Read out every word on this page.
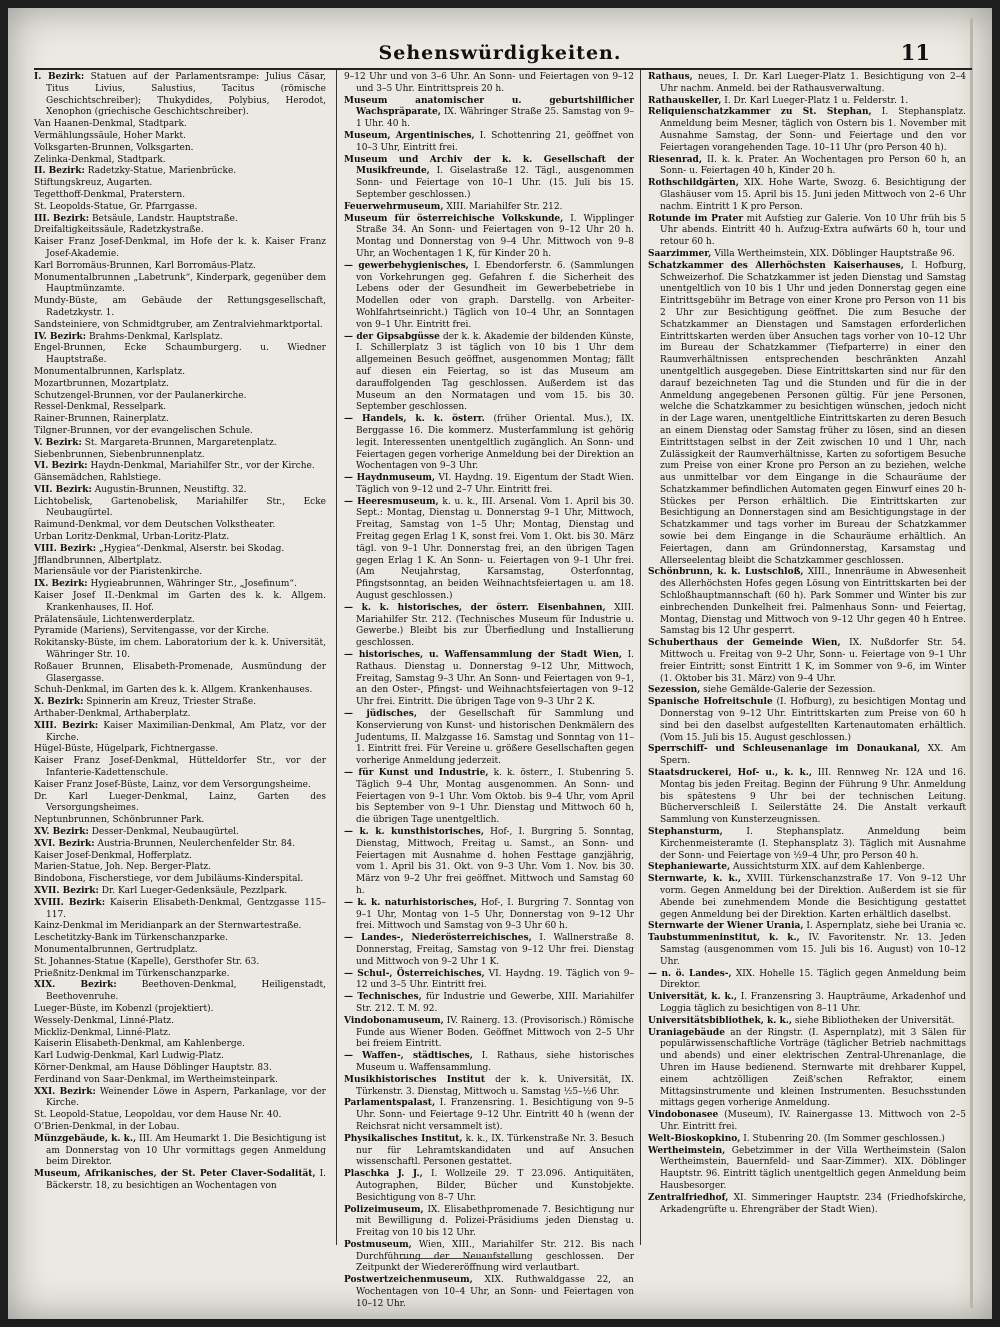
Sehenswürdigkeiten.	11

I. Bezirk: Statuen auf der Parlamentsrampe: Julius Cäsar, Titus Livius, Salustius, Tacitus (römische Geschichtschreiber); Thukydides, Polybius, Herodot, Xenophon (griechische Geschichtschreiber).

Van Haanen-Denkmal, Stadtpark.

Vermählungssäule, Hoher Markt.

Volksgarten-Brunnen, Volksgarten.

Zelinka-Denkmal, Stadtpark.

II. Bezirk: Radetzky-Statue, Marienbrücke.

Stiftungskreuz, Augarten.

Tegetthoff-Denkmal, Praterstern.

St. Leopolds-Statue, Gr. Pfarrgasse.

III. Bezirk: Betsäule, Landstr. Hauptstraße.

Dreifaltigkeitssäule, Radetzkystraße.

Kaiser Franz Josef-Denkmal, im Hofe der k. k. Kaiser Franz Josef-Akademie.

Karl Borromäus-Brunnen, Karl Borromäus-Platz.

Monumentalbrunnen „Labetrunk“, Kinderpark, gegenüber dem Hauptmünzamte.

Mundy-Büste, am Gebäude der Rettungsgesellschaft, Radetzkystr. 1.

Sandsteiniere, von Schmidtgruber, am Zentralviehmarktportal.

IV. Bezirk: Brahms-Denkmal, Karlsplatz.

Engel-Brunnen, Ecke Schaumburgerg. u. Wiedner Hauptstraße.

Monumentalbrunnen, Karlsplatz.

Mozartbrunnen, Mozartplatz.

Schutzengel-Brunnen, vor der Paulanerkirche.

Ressel-Denkmal, Resselpark.

Rainer-Brunnen, Rainerplatz.

Tilgner-Brunnen, vor der evangelischen Schule.

V. Bezirk: St. Margareta-Brunnen, Margaretenplatz.

Siebenbrunnen, Siebenbrunnenplatz.

VI. Bezirk: Haydn-Denkmal, Mariahilfer Str., vor der Kirche.

Gänsemädchen, Rahlstiege.

VII. Bezirk: Augustin-Brunnen, Neustiftg. 32.

Lichtobelisk, Gartenobelisk, Mariahilfer Str., Ecke Neubaugürtel.

Raimund-Denkmal, vor dem Deutschen Volkstheater.

Urban Loritz-Denkmal, Urban-Loritz-Platz.

VIII. Bezirk: „Hygiea“-Denkmal, Alserstr. bei Skodag.

Jfflandbrunnen, Albertplatz.

Mariensäule vor der Piaristenkirche.

IX. Bezirk: Hygieabrunnen, Währinger Str., „Josefinum“.

Kaiser Josef II.-Denkmal im Garten des k. k. Allgem. Krankenhauses, II. Hof.

Prälatensäule, Lichtenwerderplatz.

Pyramide (Mariens), Servitengasse, vor der Kirche.

Rokitansky-Büste, im chem. Laboratorium der k. k. Universität, Währinger Str. 10.

Roßauer Brunnen, Elisabeth-Promenade, Ausmündung der Glasergasse.

Schuh-Denkmal, im Garten des k. k. Allgem. Krankenhauses.

X. Bezirk: Spinnerin am Kreuz, Triester Straße.

Arthaber-Denkmal, Arthaberplatz.

XIII. Bezirk: Kaiser Maximilian-Denkmal, Am Platz, vor der Kirche.

Hügel-Büste, Hügelpark, Fichtnergasse.

Kaiser Franz Josef-Denkmal, Hütteldorfer Str., vor der Infanterie-Kadettenschule.

Kaiser Franz Josef-Büste, Lainz, vor dem Versorgungsheime.

Dr. Karl Lueger-Denkmal, Lainz, Garten des Versorgungsheimes.

Neptunbrunnen, Schönbrunner Park.

XV. Bezirk: Desser-Denkmal, Neubaugürtel.

XVI. Bezirk: Austria-Brunnen, Neulerchenfelder Str. 84.

Kaiser Josef-Denkmal, Hofferplatz.

Marien-Statue, Joh. Nep. Berger-Platz.

Bindobona, Fischerstiege, vor dem Jubiläums-Kinderspital.

XVII. Bezirk: Dr. Karl Lueger-Gedenksäule, Pezzlpark.

XVIII. Bezirk: Kaiserin Elisabeth-Denkmal, Gentzgasse 115–117.

Kainz-Denkmal im Meridianpark an der Sternwartestraße.

Leschetitzky-Bank im Türkenschanzparke.

Monumentalbrunnen, Gertrudplatz.

St. Johannes-Statue (Kapelle), Gersthofer Str. 63.

Prießnitz-Denkmal im Türkenschanzparke.

XIX. Bezirk:	Beethoven-Denkmal, Heiligenstadt, Beethovenruhe.

Lueger-Büste, im Kobenzl (projektiert).

Wessely-Denkmal, Linné-Platz.

Mickliz-Denkmal, Linné-Platz.

Kaiserin Elisabeth-Denkmal, am Kahlenberge.

Karl Ludwig-Denkmal, Karl Ludwig-Platz.

Körner-Denkmal, am Hause Döblinger Hauptstr. 83.

Ferdinand von Saar-Denkmal, im Wertheimsteinpark.

XXI. Bezirk: Weinender Löwe in Aspern, Parkanlage, vor der Kirche.

St. Leopold-Statue, Leopoldau, vor dem Hause Nr. 40.

O’Brien-Denkmal, in der Lobau.

Münzgebäude, k. k., III. Am Heumarkt 1. Die Besichtigung ist am Donnerstag von 10 Uhr vormittags gegen Anmeldung beim Direktor.

Museum, Afrikanisches, der St. Peter Claver-Sodalität, I. Bäckerstr. 18, zu besichtigen an Wochentagen von

9–12 Uhr und von 3–6 Uhr. An Sonn- und Feiertagen von 9–12 und 3–5 Uhr. Eintrittspreis 20 h.

Museum anatomischer u. geburtshilflicher Wachspräparate, IX. Währinger Straße 25. Samstag von 9–1 Uhr. 40 h.

Museum, Argentinisches, I. Schottenring 21, geöffnet von 10–3 Uhr, Eintritt frei.

Museum und Archiv der k. k. Gesellschaft der Musikfreunde, I. Giselastraße 12. Tägl., ausgenommen Sonn- und Feiertage von 10–1 Uhr. (15. Juli bis 15. September geschlossen.)

Feuerwehrmuseum, XIII. Mariahilfer Str. 212.

Museum für österreichische Volkskunde, I. Wipplinger Straße 34. An Sonn- und Feiertagen von 9–12 Uhr 20 h. Montag und Donnerstag von 9–4 Uhr. Mittwoch von 9–8 Uhr, an Wochentagen 1 K, für Kinder 20 h.

— gewerbehygienisches, I. Ebendorferstr. 6. (Sammlungen von Vorkehrungen geg. Gefahren f. die Sicherheit des Lebens oder der Gesundheit im Gewerbebetriebe in Modellen oder von graph. Darstellg. von Arbeiter-Wohlfahrtseinricht.) Täglich von 10–4 Uhr, an Sonntagen von 9–1 Uhr. Eintritt frei.

— der Gipsabgüsse der k. k. Akademie der bildenden Künste, I. Schillerplatz 3 ist täglich von 10 bis 1 Uhr dem allgemeinen Besuch geöffnet, ausgenommen Montag; fällt auf diesen ein Feiertag, so ist das Museum am darauffolgenden Tag geschlossen. Außerdem ist das Museum an den Normatagen und vom 15. bis 30. September geschlossen.

— Handels, k. k. österr. (früher Oriental. Mus.), IX. Berggasse 16. Die kommerz. Musterfammlung ist gehörig legit. Interessenten unentgeltlich zugänglich. An Sonn- und Feiertagen gegen vorherige Anmeldung bei der Direktion an Wochentagen von 9–3 Uhr.

— Haydnmuseum, VI. Haydng. 19. Eigentum der Stadt Wien. Täglich von 9–12 und 2–7 Uhr. Eintritt frei.

— Heeresmuseum, k. u. k., III. Arsenal. Vom 1. April bis 30. Sept.: Montag, Dienstag u. Donnerstag 9–1 Uhr, Mittwoch, Freitag, Samstag von 1–5 Uhr; Montag, Dienstag und Freitag gegen Erlag 1 K, sonst frei. Vom 1. Okt. bis 30. März tägl. von 9–1 Uhr. Donnerstag frei, an den übrigen Tagen gegen Erlag 1 K. An Sonn- u. Feiertagen von 9–1 Uhr frei. (Am Neujahrstag, Karsamstag, Osterfonntag, Pfingstsonntag, an beiden Weihnachtsfeiertagen u. am 18. August geschlossen.)

— k. k. historisches, der österr. Eisenbahnen, XIII. Mariahilfer Str. 212. (Technisches Museum für Industrie u. Gewerbe.) Bleibt bis zur Überfiedlung und Installierung geschlossen.

— historisches, u. Waffensammlung der Stadt Wien, I. Rathaus. Dienstag u. Donnerstag 9–12 Uhr, Mittwoch, Freitag, Samstag 9–3 Uhr. An Sonn- und Feiertagen von 9–1, an den Oster-, Pfingst- und Weihnachtsfeiertagen von 9–12 Uhr frei. Eintritt. Die übrigen Tage von 9–3 Uhr 2 K.

— jüdisches, der Gesellschaft für Sammlung und Konservierung von Kunst- und historischen Denkmälern des Judentums, II. Malzgasse 16. Samstag und Sonntag von 11–1. Eintritt frei. Für Vereine u. größere Gesellschaften gegen vorherige Anmeldung jederzeit.

— für Kunst und Industrie, k. k. österr., I. Stubenring 5. Täglich 9–4 Uhr, Montag ausgenommen. An Sonn- und Feiertagen von 9–1 Uhr. Vom Oktob. bis 9–4 Uhr, vom April bis September von 9–1 Uhr. Dienstag und Mittwoch 60 h, die übrigen Tage unentgeltlich.

— k. k. kunsthistorisches, Hof-, I. Burgring 5. Sonntag, Dienstag, Mittwoch, Freitag u. Samst., an Sonn- und Feiertagen mit Ausnahme d. hohen Festtage ganzjährig, vom 1. April bis 31. Okt. von 9–3 Uhr. Vom 1. Nov. bis 30. März von 9–2 Uhr frei geöffnet. Mittwoch und Samstag 60 h.

— k. k. naturhistorisches, Hof-, I. Burgring 7. Sonntag von 9–1 Uhr, Montag von 1–5 Uhr, Donnerstag von 9–12 Uhr frei. Mittwoch und Samstag von 9–3 Uhr 60 h.

— Landes-, Niederösterreichisches, I. Wallnerstraße 8. Donnerstag, Freitag, Samstag von 9–12 Uhr frei. Dienstag und Mittwoch von 9–2 Uhr 1 K.

— Schul-, Österreichisches, VI. Haydng. 19. Täglich von 9–12 und 3–5 Uhr. Eintritt frei.

— Technisches, für Industrie und Gewerbe, XIII. Mariahilfer Str. 212. T. M. 92.

Vindobonamuseum, IV. Rainerg. 13. (Provisorisch.) Römische Funde aus Wiener Boden. Geöffnet Mittwoch von 2–5 Uhr bei freiem Eintritt.

— Waffen-, städtisches, I. Rathaus, siehe historisches Museum u. Waffensammlung.

Musikhistorisches Institut der k. k. Universität, IX. Türkenstr. 3. Dienstag, Mittwoch u. Samstag ½5–½6 Uhr.

Parlamentspalast, I. Franzensring. 1. Besichtigung von 9–5 Uhr. Sonn- und Feiertage 9–12 Uhr. Eintritt 40 h (wenn der Reichsrat nicht versammelt ist).

Physikalisches Institut, k. k., IX. Türkenstraße Nr. 3. Besuch nur für Lehramtskandidaten und auf Ansuchen wissenschaftl. Personen gestattet.

Plaschka J. J., I. Wollzeile 29. T 23.096. Antiquitäten, Autographen, Bilder, Bücher und Kunstobjekte. Besichtigung von 8–7 Uhr.

Polizeimuseum, IX. Elisabethpromenade 7. Besichtigung nur mit Bewilligung d. Polizei-Präsidiums jeden Dienstag u. Freitag von 10 bis 12 Uhr.

Postmuseum, Wien, XIII., Mariahilfer Str. 212. Bis nach Durchführung der Neuaufstellung geschlossen. Der Zeitpunkt der Wiedereröffnung wird verlautbart.

Postwertzeichenmuseum, XIX. Ruthwaldgasse 22, an Wochentagen von 10–4 Uhr, an Sonn- und Feiertagen von 10–12 Uhr.

Rathaus, neues, I. Dr. Karl Lueger-Platz 1. Besichtigung von 2–4 Uhr nachm. Anmeld. bei der Rathausverwaltung.

Rathauskeller, I. Dr. Karl Lueger-Platz 1 u. Felderstr. 1.

Reliquienschatzkammer zu St. Stephan, I. Stephansplatz. Anmeldung beim Mesner, täglich von Ostern bis 1. November mit Ausnahme Samstag, der Sonn- und Feiertage und den vor Feiertagen vorangehenden Tage. 10–11 Uhr (pro Person 40 h).

Riesenrad, II. k. k. Prater. An Wochentagen pro Person 60 h, an Sonn- u. Feiertagen 40 h, Kinder 20 h.

Rothschildgärten, XIX. Hohe Warte, Swozg. 6. Besichtigung der Glashäuser vom 15. April bis 15. Juni jeden Mittwoch von 2–6 Uhr nachm. Eintritt 1 K pro Person.

Rotunde im Prater mit Aufstieg zur Galerie. Von 10 Uhr früh bis 5 Uhr abends. Eintritt 40 h. Aufzug-Extra aufwärts 60 h, tour und retour 60 h.

Saarzimmer, Villa Wertheimstein, XIX. Döblinger Hauptstraße 96.

Schatzkammer des Allerhöchsten Kaiserhauses, I. Hofburg, Schweizerhof. Die Schatzkammer ist jeden Dienstag und Samstag unentgeltlich von 10 bis 1 Uhr und jeden Donnerstag gegen eine Eintrittsgebühr im Betrage von einer Krone pro Person von 11 bis 2 Uhr zur Besichtigung geöffnet. Die zum Besuche der Schatzkammer an Dienstagen und Samstagen erforderlichen Eintrittskarten werden über Ansuchen tags vorher von 10–12 Uhr im Bureau der Schatzkammer (Tiefparterre) in einer den Raumverhältnissen entsprechenden beschränkten Anzahl unentgeltlich ausgegeben. Diese Eintrittskarten sind nur für den darauf bezeichneten Tag und die Stunden und für die in der Anmeldung angegebenen Personen gültig. Für jene Personen, welche die Schatzkammer zu besichtigen wünschen, jedoch nicht in der Lage waren, unentgeltliche Eintrittskarten zu deren Besuch an einem Dienstag oder Samstag früher zu lösen, sind an diesen Eintrittstagen selbst in der Zeit zwischen 10 und 1 Uhr, nach Zulässigkeit der Raumverhältnisse, Karten zu sofortigem Besuche zum Preise von einer Krone pro Person an zu beziehen, welche aus unmittelbar vor dem Eingange in die Schauräume der Schatzkammer befindlichen Automaten gegen Einwurf eines 20 h-Stückes per Person erhältlich. Die Eintrittskarten zur Besichtigung an Donnerstagen sind am Besichtigungstage in der Schatzkammer und tags vorher im Bureau der Schatzkammer sowie bei dem Eingange in die Schauräume erhältlich. An Feiertagen, dann am Gründonnerstag, Karsamstag und Allerseelentag bleibt die Schatzkammer geschlossen.

Schönbrunn, k. k. Lustschloß, XIII., Innenräume in Abwesenheit des Allerhöchsten Hofes gegen Lösung von Eintrittskarten bei der Schloßhauptmannschaft (60 h). Park Sommer und Winter bis zur einbrechenden Dunkelheit frei. Palmenhaus Sonn- und Feiertag, Montag, Dienstag und Mittwoch von 9–12 Uhr gegen 40 h Entree. Samstag bis 12 Uhr gesperrt.

Schuberthaus der Gemeinde Wien, IX. Nußdorfer Str. 54. Mittwoch u. Freitag von 9–2 Uhr, Sonn- u. Feiertage von 9–1 Uhr freier Eintritt; sonst Eintritt 1 K, im Sommer von 9–6, im Winter (1. Oktober bis 31. März) von 9–4 Uhr.

Sezession, siehe Gemälde-Galerie der Sezession.

Spanische Hofreitschule (I. Hofburg), zu besichtigen Montag und Donnerstag von 9–12 Uhr. Eintrittskarten zum Preise von 60 h sind bei den daselbst aufgestellten Kartenautomaten erhältlich. (Vom 15. Juli bis 15. August geschlossen.)

Sperrschiff- und Schleusenanlage im Donaukanal, XX. Am Spern.

Staatsdruckerei, Hof- u., k. k., III. Rennweg Nr. 12A und 16. Montag bis jeden Freitag. Beginn der Führung 9 Uhr. Anmeldung bis spätestens 9 Uhr bei der technischen Leitung. Bücherverschleiß I. Seilerstätte 24. Die Anstalt verkauft Sammlung von Kunsterzeugnissen.

Stephansturm,	I. Stephansplatz. Anmeldung beim Kirchenmeisteramte (I. Stephansplatz 3). Täglich mit Ausnahme der Sonn- und Feiertage von ½9–4 Uhr, pro Person 40 h.

Stephaniewarte, Aussichtsturm XIX. auf dem Kahlenberge.

Sternwarte, k. k., XVIII. Türkenschanzstraße 17. Von 9–12 Uhr vorm. Gegen Anmeldung bei der Direktion. Außerdem ist sie für Abende bei zunehmendem Monde die Besichtigung gestattet gegen Anmeldung bei der Direktion. Karten erhältlich daselbst.

Sternwarte der Wiener Urania, I. Aspernplatz, siehe bei Urania ꝛc.

Taubstummeninstitut, k. k., IV. Favoritenstr. Nr. 13. Jeden Samstag (ausgenommen vom 15. Juli bis 16. August) von 10–12 Uhr.

— n. ö. Landes-, XIX. Hohelle 15. Täglich gegen Anmeldung beim Direktor.

Universität, k. k., I. Franzensring 3. Haupträume, Arkadenhof und Loggia täglich zu besichtigen von 8–11 Uhr.

Universitätsbibliothek, k. k., siehe Bibliotheken der Universität.

Uraniagebäude an der Ringstr. (I. Aspernplatz), mit 3 Sälen für populärwissenschaftliche Vorträge (täglicher Betrieb nachmittags und abends) und einer elektrischen Zentral-Uhrenanlage, die Uhren im Hause bedienend. Sternwarte mit drehbarer Kuppel, einem achtzölligen Zeiß'schen Refraktor, einem Mittagsinstrumente und kleinen Instrumenten. Besuchsstunden mittags gegen vorherige Anmeldung.

Vindobonasee (Museum), IV. Rainergasse 13. Mittwoch von 2–5 Uhr. Eintritt frei.

Welt-Bioskopkino, I. Stubenring 20. (Im Sommer geschlossen.)

Wertheimstein, Gebetzimmer in der Villa Wertheimstein (Salon Wertheimstein, Bauernfeld- und Saar-Zimmer). XIX. Döblinger Hauptstr. 96. Eintritt täglich unentgeltlich gegen Anmeldung beim Hausbesorger.

Zentralfriedhof, XI. Simmeringer Hauptstr. 234 (Friedhofskirche, Arkadengrüfte u. Ehrengräber der Stadt Wien).
